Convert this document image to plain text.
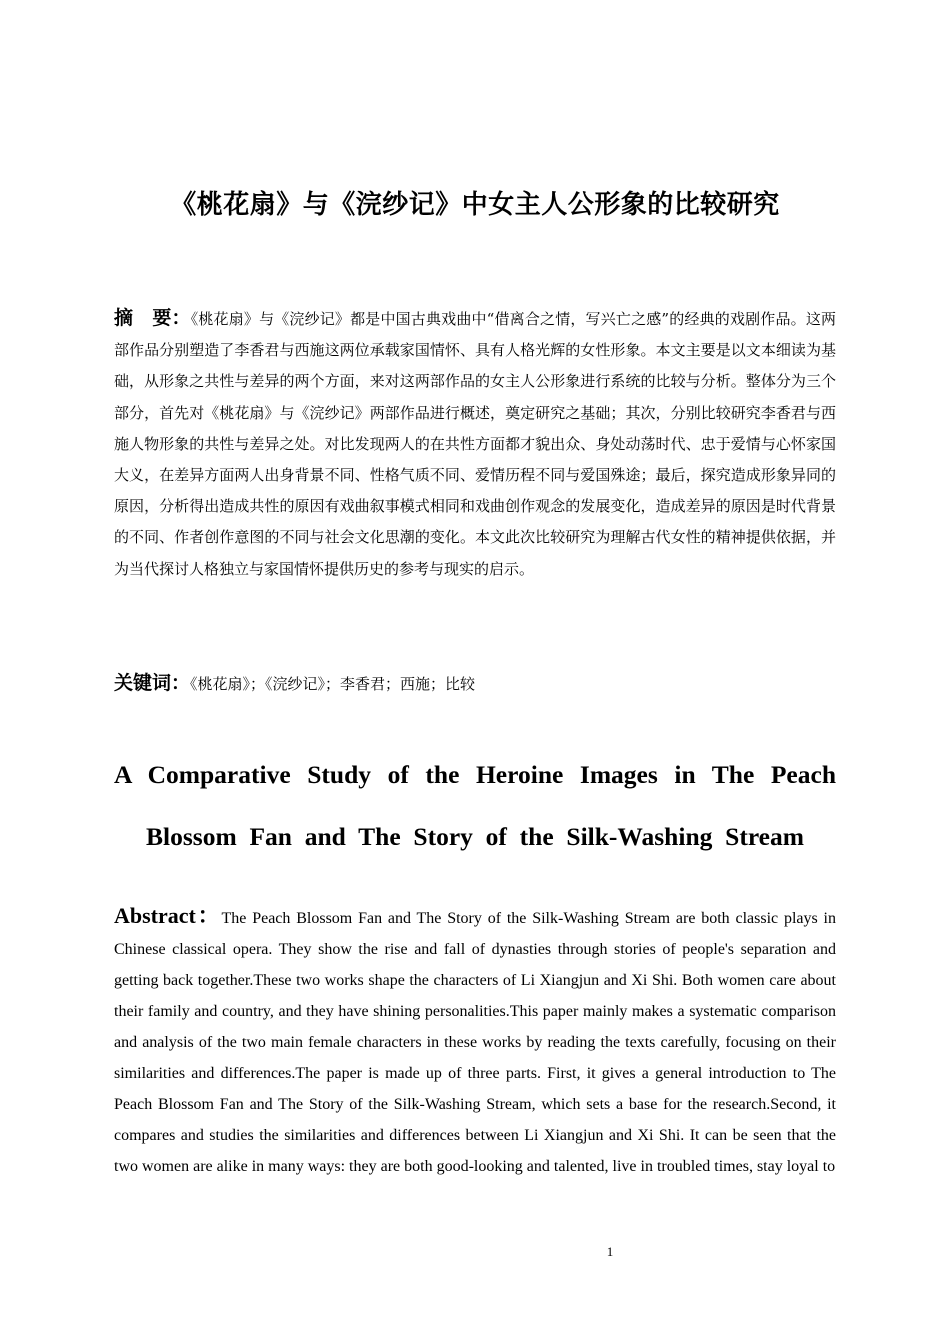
《桃花扇》与《浣纱记》中女主人公形象的比较研究
摘　要：《桃花扇》与《浣纱记》都是中国古典戏曲中“借离合之情，写兴亡之感”的经典的戏剧作品。这两部作品分别塑造了李香君与西施这两位承载家国情怀、具有人格光辉的女性形象。本文主要是以文本细读为基础，从形象之共性与差异的两个方面，来对这两部作品的女主人公形象进行系统的比较与分析。整体分为三个部分，首先对《桃花扇》与《浣纱记》两部作品进行概述，奠定研究之基础；其次，分别比较研究李香君与西施人物形象的共性与差异之处。对比发现两人的在共性方面都才貌出众、身处动荡时代、忠于爱情与心怀家国大义，在差异方面两人出身背景不同、性格气质不同、爱情历程不同与爱国殊途；最后，探究造成形象异同的原因，分析得出造成共性的原因有戏曲叙事模式相同和戏曲创作观念的发展变化，造成差异的原因是时代背景的不同、作者创作意图的不同与社会文化思潮的变化。本文此次比较研究为理解古代女性的精神提供依据，并为当代探讨人格独立与家国情怀提供历史的参考与现实的启示。
关键词：《桃花扇》；《浣纱记》；李香君；西施；比较
A Comparative Study of the Heroine Images in The Peach
Blossom Fan and The Story of the Silk-Washing Stream
Abstract：The Peach Blossom Fan and The Story of the Silk-Washing Stream are both classic plays in Chinese classical opera. They show the rise and fall of dynasties through stories of people's separation and getting back together.These two works shape the characters of Li Xiangjun and Xi Shi. Both women care about their family and country, and they have shining personalities.This paper mainly makes a systematic comparison and analysis of the two main female characters in these works by reading the texts carefully, focusing on their similarities and differences.The paper is made up of three parts. First, it gives a general introduction to The Peach Blossom Fan and The Story of the Silk-Washing Stream, which sets a base for the research.Second, it compares and studies the similarities and differences between Li Xiangjun and Xi Shi. It can be seen that the two women are alike in many ways: they are both good-looking and talented, live in troubled times, stay loyal to
1
